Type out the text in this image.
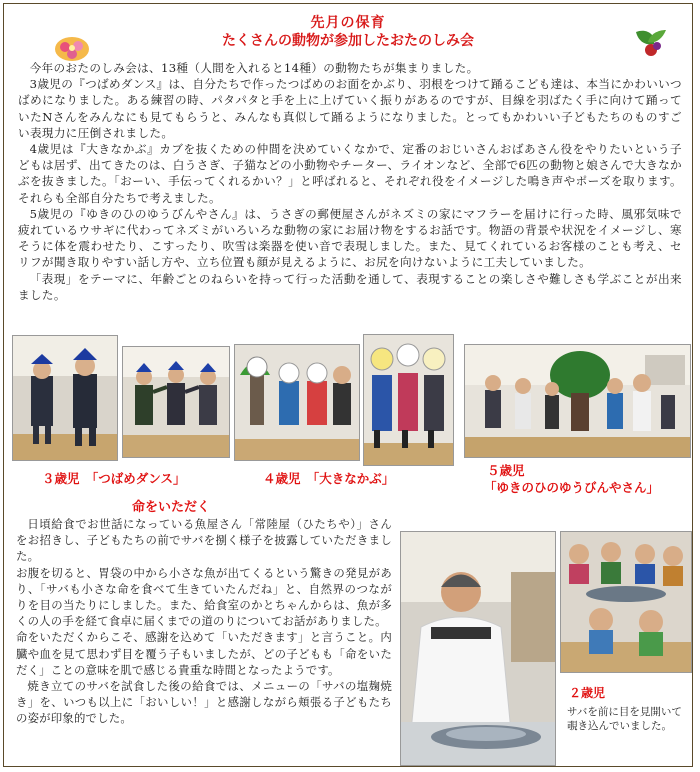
先月の保育
たくさんの動物が参加したおたのしみ会

今年のおたのしみ会は、13種（人間を入れると14種）の動物たちが集まりました。

3歳児の『つばめダンス』は、自分たちで作ったつばめのお面をかぶり、羽根をつけて踊るこども達は、本当にかわいいつばめになりました。ある練習の時、パタパタと手を上に上げていく振りがあるのですが、目線を羽ばたく手に向けて踊っていたNさんをみんなにも見てもらうと、みんなも真似して踊るようになりました。とってもかわいい子どもたちのものすごい表現力に圧倒されました。

4歳児は『大きなかぶ』カブを抜くための仲間を決めていくなかで、定番のおじいさんおばあさん役をやりたいという子どもは居ず、出てきたのは、白うさぎ、子猫などの小動物やチーター、ライオンなど、全部で6匹の動物と娘さんで大きなかぶを抜きました。「おーい、手伝ってくれるかい？」と呼ばれると、それぞれ役をイメージした鳴き声やポーズを取ります。それらも全部自分たちで考えました。

5歳児の『ゆきのひのゆうびんやさん』は、うさぎの郵便屋さんがネズミの家にマフラーを届けに行った時、風邪気味で疲れているウサギに代わってネズミがいろいろな動物の家にお届け物をするお話です。物語の背景や状況をイメージし、寒そうに体を震わせたり、こすったり、吹雪は楽器を使い音で表現しました。また、見てくれているお客様のことも考え、セリフが聞き取りやすい話し方や、立ち位置も顔が見えるように、お尻を向けないように工夫していました。

「表現」をテーマに、年齢ごとのねらいを持って行った活動を通して、表現することの楽しさや難しさも学ぶことが出来ました。

３歳児　「つばめダンス」	４歳児　「大きなかぶ」
５歳児
「ゆきのひのゆうびんやさん」
命をいただく

日頃給食でお世話になっている魚屋さん「常陸屋（ひたちや）」さんをお招きし、子どもたちの前でサバを捌く様子を披露していただきました。

お腹を切ると、胃袋の中から小さな魚が出てくるという驚きの発見があり、「サバも小さな命を食べて生きていたんだね」と、自然界のつながりを目の当たりにしました。また、給食室のかとちゃんからは、魚が多くの人の手を経て食卓に届くまでの道のりについてお話がありました。

命をいただくからこそ、感謝を込めて「いただきます」と言うこと。内臓や血を見て思わず目を覆う子もいましたが、どの子どもも「命をいただく」ことの意味を肌で感じる貴重な時間となったようです。

焼き立てのサバを試食した後の給食では、メニューの「サバの塩麹焼き」を、いつも以上に「おいしい！」と感謝しながら頬張る子どもたちの姿が印象的でした。

２歳児
サバを前に目を見開いて覗き込んでいました。
